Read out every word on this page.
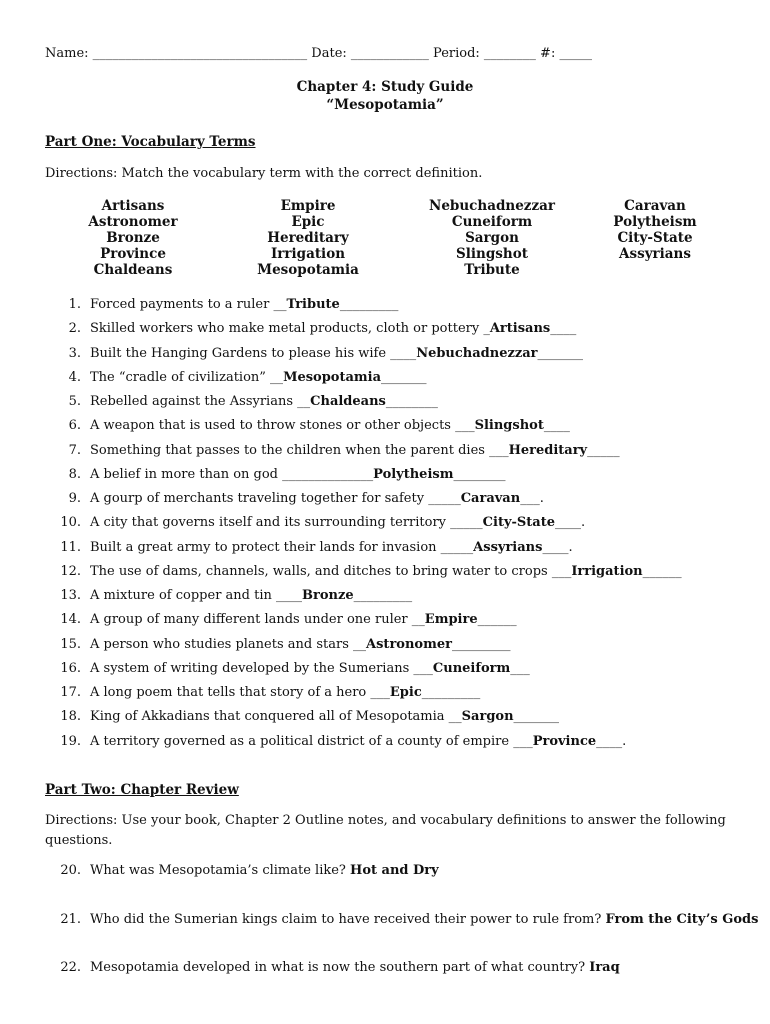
Name: _________________________________ Date: ____________ Period: ________ #: _____
Chapter 4: Study Guide
“Mesopotamia”
Part One: Vocabulary Terms
Directions: Match the vocabulary term with the correct definition.
Artisans
Astronomer
Bronze
Province
Chaldeans
Empire
Epic
Hereditary
Irrigation
Mesopotamia
Nebuchadnezzar
Cuneiform
Sargon
Slingshot
Tribute
Caravan
Polytheism
City-State
Assyrians
1. Forced payments to a ruler __Tribute_________
2. Skilled workers who make metal products, cloth or pottery _Artisans____
3. Built the Hanging Gardens to please his wife ____Nebuchadnezzar_______
4. The “cradle of civilization” __Mesopotamia_______
5. Rebelled against the Assyrians __Chaldeans________
6. A weapon that is used to throw stones or other objects ___Slingshot____
7. Something that passes to the children when the parent dies ___Hereditary_____
8. A belief in more than on god ______________Polytheism________
9. A gourp of merchants traveling together for safety _____Caravan___.
10. A city that governs itself and its surrounding territory _____City-State____.
11. Built a great army to protect their lands for invasion _____Assyrians____.
12. The use of dams, channels, walls, and ditches to bring water to crops ___Irrigation______
13. A mixture of copper and tin ____Bronze_________
14. A group of many different lands under one ruler __Empire______
15. A person who studies planets and stars __Astronomer_________
16. A system of writing developed by the Sumerians ___Cuneiform___
17. A long poem that tells that story of a hero ___Epic_________
18. King of Akkadians that conquered all of Mesopotamia __Sargon_______
19. A territory governed as a political district of a county of empire ___Province____.
Part Two: Chapter Review
Directions: Use your book, Chapter 2 Outline notes, and vocabulary definitions to answer the following
questions.
20. What was Mesopotamia’s climate like? Hot and Dry
21. Who did the Sumerian kings claim to have received their power to rule from? From the City’s Gods
22. Mesopotamia developed in what is now the southern part of what country? Iraq
